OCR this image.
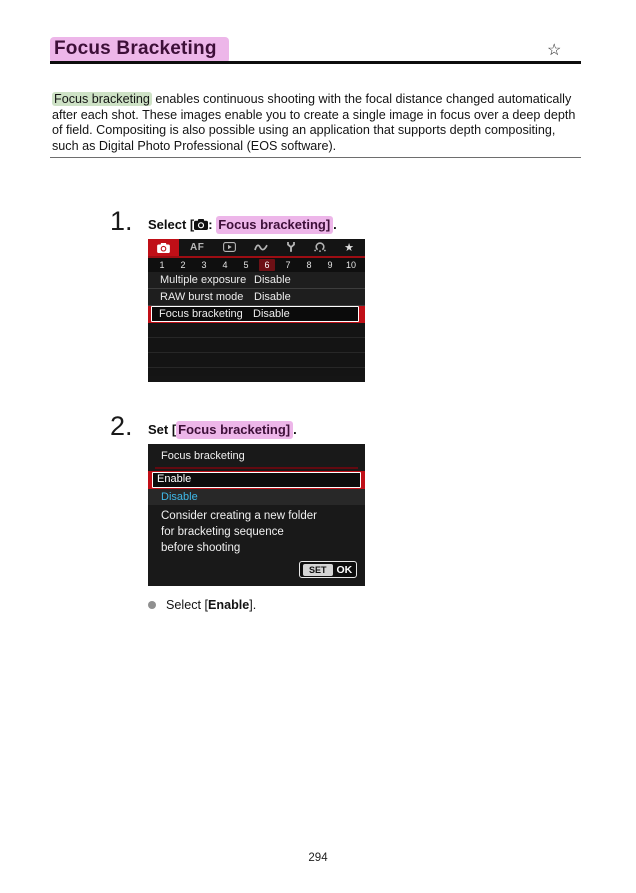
Focus Bracketing	☆
Focus bracketing enables continuous shooting with the focal distance changed automatically after each shot. These images enable you to create a single image in focus over a deep depth of field. Compositing is also possible using an application that supports depth compositing, such as Digital Photo Professional (EOS software).
1. Select [ : Focus bracketing] .
AF	★
1	2	3	4	5	6	7	8	9	10
Multiple exposure Disable
RAW burst mode Disable
Focus bracketing Disable
2. Set [ Focus bracketing] .
Focus bracketing
Enable
Disable
Consider creating a new folder
for bracketing sequence
before shooting
SET OK
Select [Enable].
294
